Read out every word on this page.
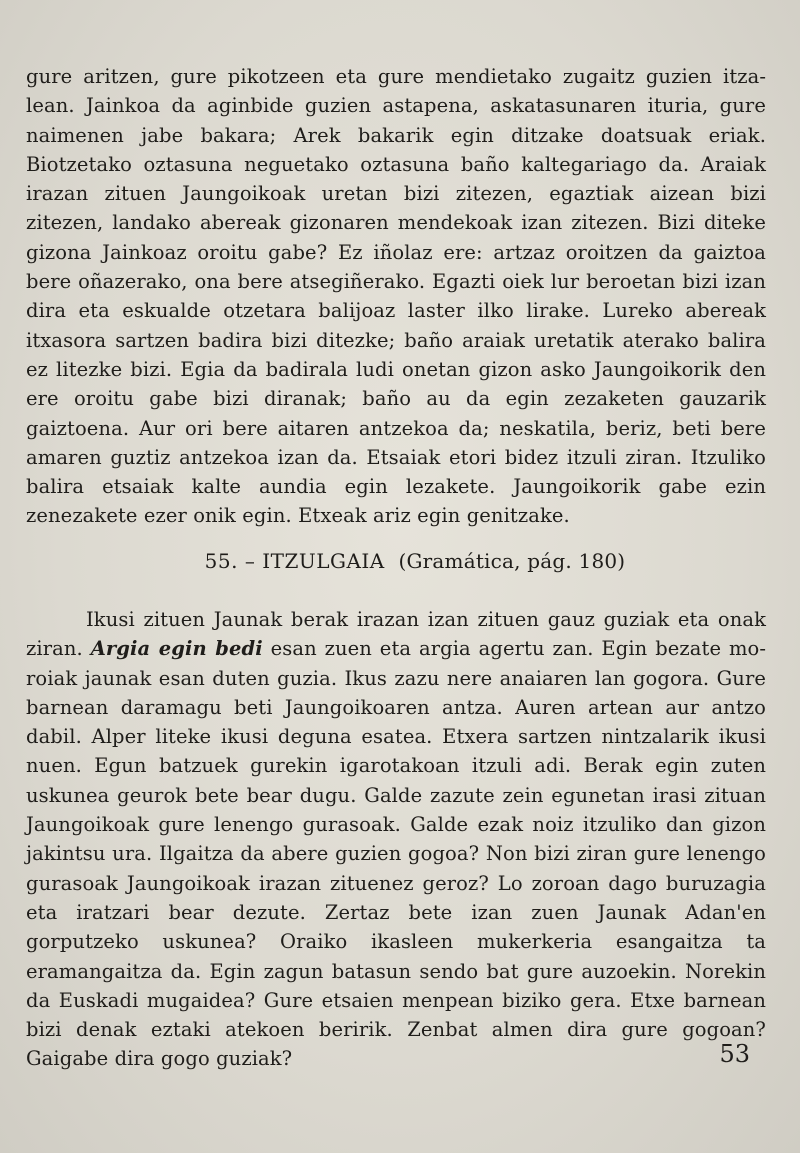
gure aritzen, gure pikotzeen eta gure mendietako zugaitz guzien itzalean. Jainkoa da aginbide guzien astapena, askatasunaren ituria, gure naimenen jabe bakara; Arek bakarik egin ditzake doatsuak eriak. Biotzetako oztasuna neguetako oztasuna baño kaltegariago da. Araiak irazan zituen Jaungoikoak uretan bizi zitezen, egaztiak aizean bizi zitezen, landako abereak gizonaren mendekoak izan zitezen. Bizi diteke gizona Jainkoaz oroitu gabe? Ez iñolaz ere: artzaz oroitzen da gaiztoa bere oñazerako, ona bere atsegiñerako. Egazti oiek lur beroetan bizi izan dira eta eskualde otzetara balijoaz laster ilko lirake. Lureko abereak itxasora sartzen badira bizi ditezke; baño araiak uretatik aterako balira ez litezke bizi. Egia da badirala ludi onetan gizon asko Jaungoikorik den ere oroitu gabe bizi diranak; baño au da egin zezaketen gauzarik gaiztoena. Aur ori bere aitaren antzekoa da; neskatila, beriz, beti bere amaren guztiz antzekoa izan da. Etsaiak etori bidez itzuli ziran. Itzuliko balira etsaiak kalte aundia egin lezakete. Jaungoikorik gabe ezin zenezakete ezer onik egin. Etxeak ariz egin genitzake.

55. – ITZULGAIA (Gramática, pág. 180)

Ikusi zituen Jaunak berak irazan izan zituen gauz guziak eta onak ziran. Argia egin bedi esan zuen eta argia agertu zan. Egin bezate moroiak jaunak esan duten guzia. Ikus zazu nere anaiaren lan gogora. Gure barnean daramagu beti Jaungoikoaren antza. Auren artean aur antzo dabil. Alper liteke ikusi deguna esatea. Etxera sartzen nintzalarik ikusi nuen. Egun batzuek gurekin igarotakoan itzuli adi. Berak egin zuten uskunea geurok bete bear dugu. Galde zazute zein egunetan irasi zituan Jaungoikoak gure lenengo gurasoak. Galde ezak noiz itzuliko dan gizon jakintsu ura. Ilgaitza da abere guzien gogoa? Non bizi ziran gure lenengo gurasoak Jaungoikoak irazan zituenez geroz? Lo zoroan dago buruzagia eta iratzari bear dezute. Zertaz bete izan zuen Jaunak Adan'en gorputzeko uskunea? Oraiko ikasleen mukerkeria esangaitza ta eramangaitza da. Egin zagun batasun sendo bat gure auzoekin. Norekin da Euskadi mugaidea? Gure etsaien menpean biziko gera. Etxe barnean bizi denak eztaki atekoen beririk. Zenbat almen dira gure gogoan? Gaigabe dira gogo guziak?	53
